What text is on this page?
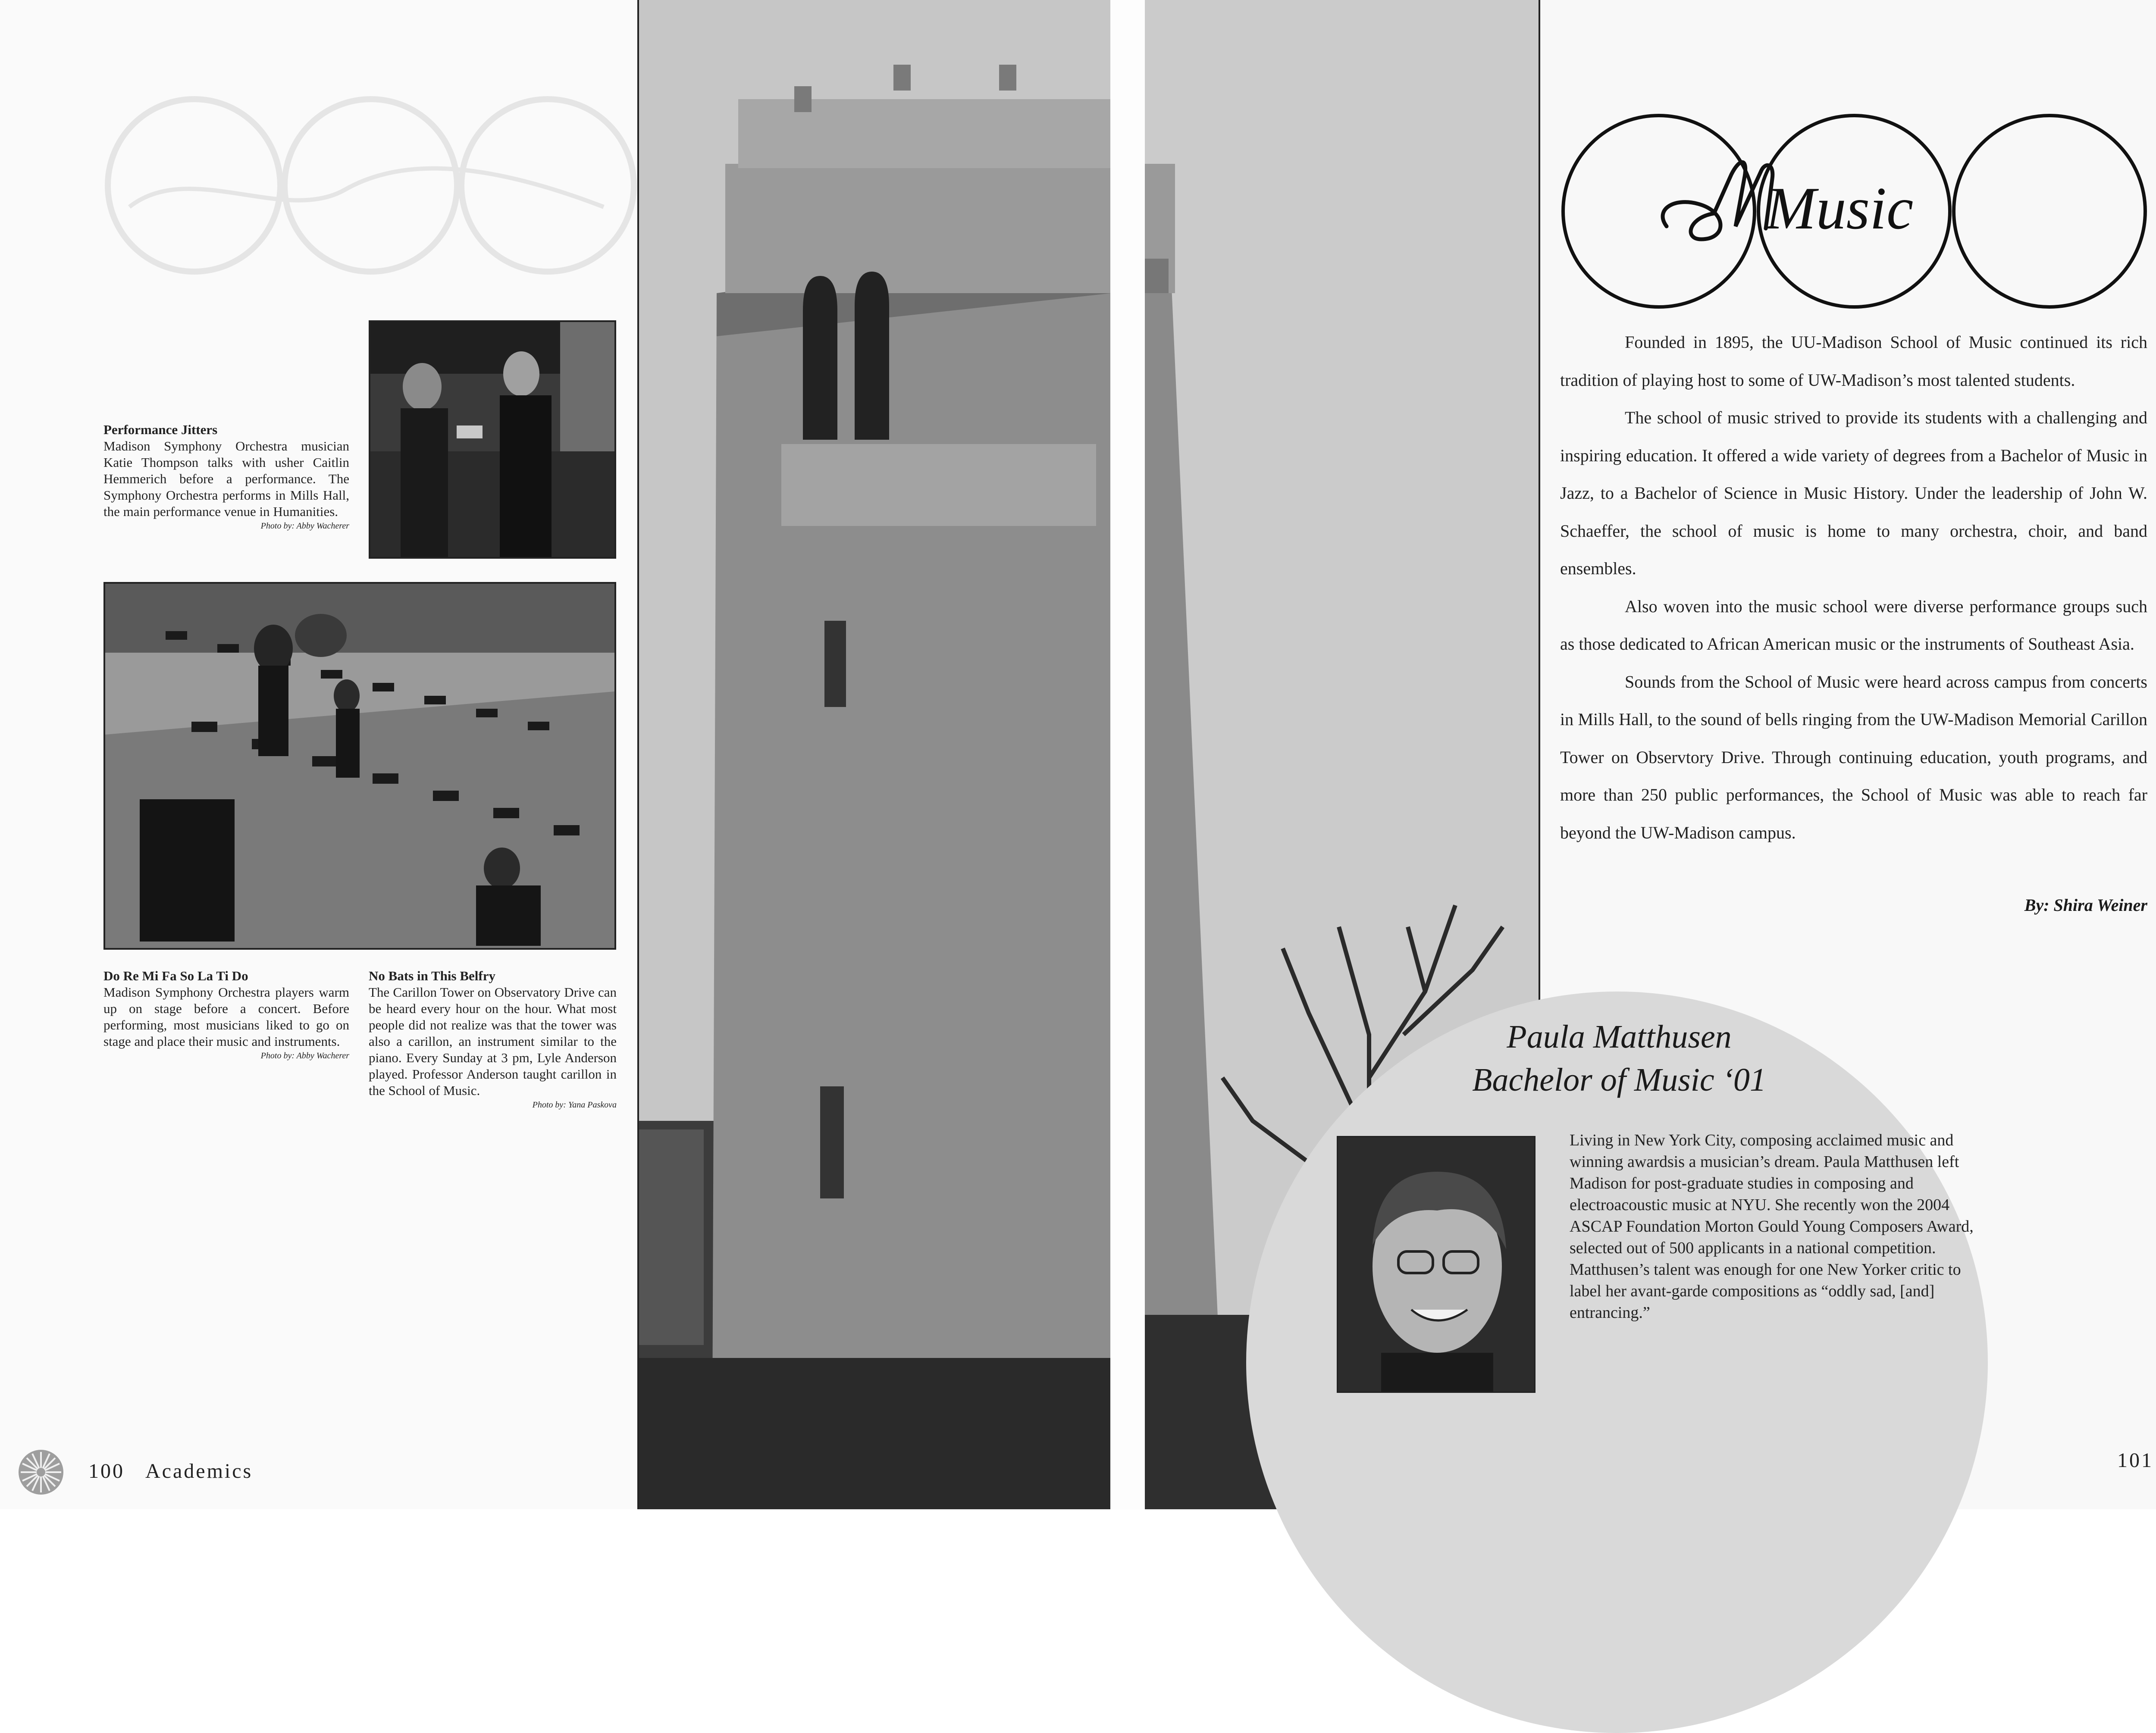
Performance Jitters
Madison Symphony Orchestra musician Katie Thompson talks with usher Caitlin Hemmerich before a performance. The Symphony Orchestra performs in Mills Hall, the main performance venue in Humanities.
Photo by: Abby Wacherer
Do Re Mi Fa So La Ti Do
Madison Symphony Orchestra players warm up on stage before a concert. Before performing, most musicians liked to go on stage and place their music and instruments.
Photo by: Abby Wacherer
No Bats in This Belfry
The Carillon Tower on Observatory Drive can be heard every hour on the hour. What most people did not realize was that the tower was also a carillon, an instrument similar to the piano. Every Sunday at 3 pm, Lyle Anderson played. Professor Anderson taught carillon in the School of Music.
Photo by: Yana Paskova
100 Academics
Music

Founded in 1895, the UU-Madison School of Music continued its rich tradition of playing host to some of UW-Madison’s most talented students.

The school of music strived to provide its students with a challenging and inspiring education. It offered a wide variety of degrees from a Bachelor of Music in Jazz, to a Bachelor of Science in Music History. Under the leadership of John W. Schaeffer, the school of music is home to many orchestra, choir, and band ensembles.

Also woven into the music school were diverse performance groups such as those dedicated to African American music or the instruments of Southeast Asia.

Sounds from the School of Music were heard across campus from concerts in Mills Hall, to the sound of bells ringing from the UW-Madison Memorial Carillon Tower on Observtory Drive. Through continuing education, youth programs, and more than 250 public performances, the School of Music was able to reach far beyond the UW-Madison campus.

By: Shira Weiner
Paula Matthusen
Bachelor of Music ‘01
Living in New York City, composing acclaimed music and winning awardsis a musician’s dream. Paula Matthusen left Madison for post-graduate studies in composing and electroacoustic music at NYU. She recently won the 2004 ASCAP Foundation Morton Gould Young Composers Award, selected out of 500 applicants in a national competition. Matthusen’s talent was enough for one New Yorker critic to label her avant-garde compositions as “oddly sad, [and] entrancing.”
101
